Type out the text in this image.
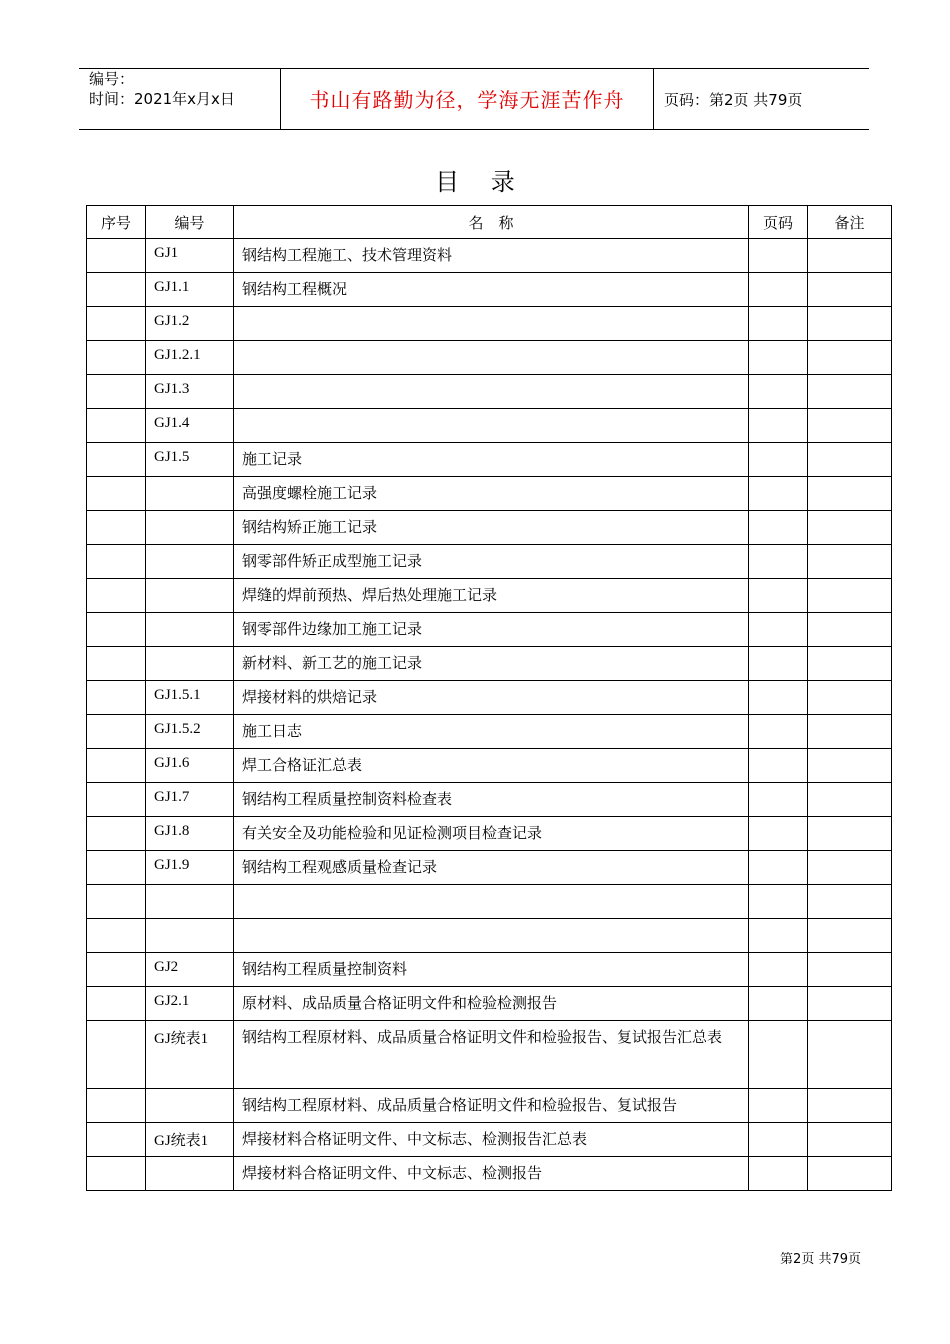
编号：
时间：2021年x月x日	书山有路勤为径，学海无涯苦作舟	页码：第2页 共79页
目 录
序号	编号	名　称	页码	备注

	GJ1	钢结构工程施工、技术管理资料		

	GJ1.1	钢结构工程概况		

	GJ1.2			

	GJ1.2.1			

	GJ1.3			

	GJ1.4			

	GJ1.5	施工记录		

		高强度螺栓施工记录		

		钢结构矫正施工记录		

		钢零部件矫正成型施工记录		

		焊缝的焊前预热、焊后热处理施工记录		

		钢零部件边缘加工施工记录		

		新材料、新工艺的施工记录		

	GJ1.5.1	焊接材料的烘焙记录		

	GJ1.5.2	施工日志		

	GJ1.6	焊工合格证汇总表		

	GJ1.7	钢结构工程质量控制资料检查表		

	GJ1.8	有关安全及功能检验和见证检测项目检查记录		

	GJ1.9	钢结构工程观感质量检查记录		

	GJ2	钢结构工程质量控制资料		

	GJ2.1	原材料、成品质量合格证明文件和检验检测报告		

	GJ统表1	钢结构工程原材料、成品质量合格证明文件和检验报告、复试报告汇总表		

		钢结构工程原材料、成品质量合格证明文件和检验报告、复试报告		

	GJ统表1	焊接材料合格证明文件、中文标志、检测报告汇总表		

		焊接材料合格证明文件、中文标志、检测报告		

第2页 共79页
